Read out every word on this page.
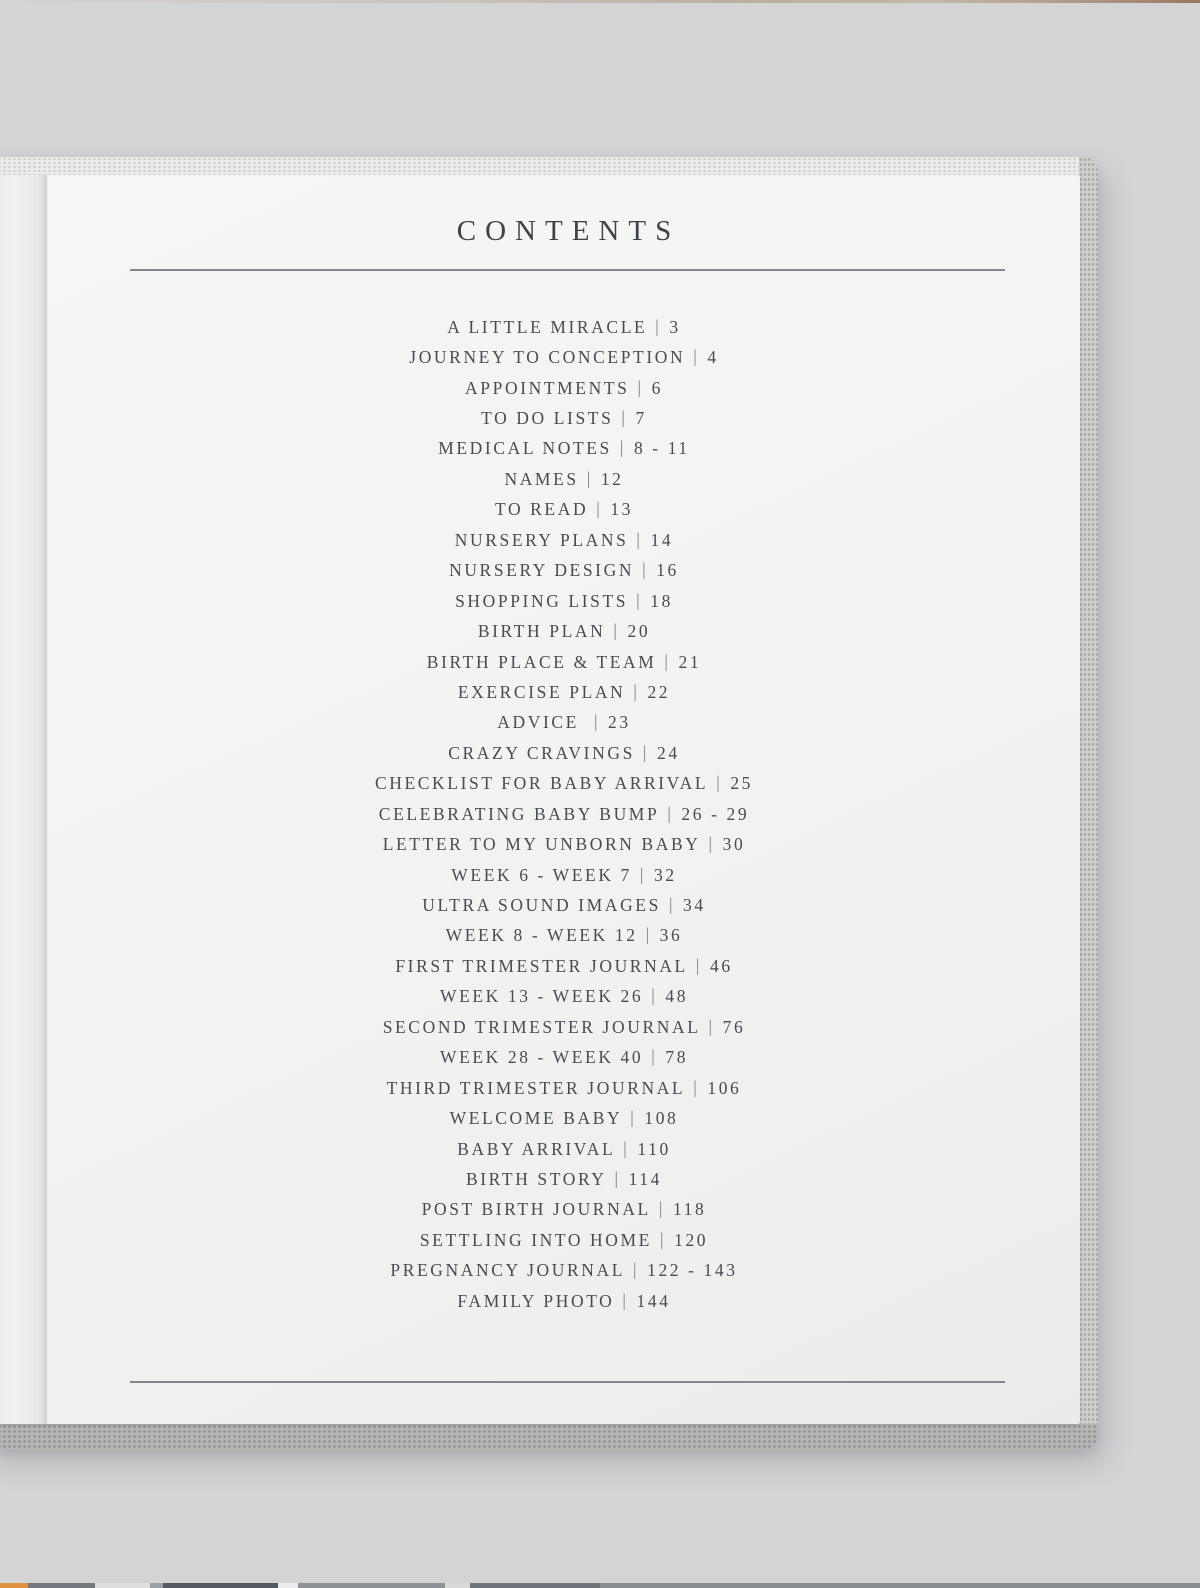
CONTENTS
A LITTLE MIRACLE | 3
JOURNEY TO CONCEPTION | 4
APPOINTMENTS | 6
TO DO LISTS | 7
MEDICAL NOTES | 8 - 11
NAMES | 12
TO READ | 13
NURSERY PLANS | 14
NURSERY DESIGN | 16
SHOPPING LISTS | 18
BIRTH PLAN | 20
BIRTH PLACE & TEAM | 21
EXERCISE PLAN | 22
ADVICE | 23
CRAZY CRAVINGS | 24
CHECKLIST FOR BABY ARRIVAL | 25
CELEBRATING BABY BUMP | 26 - 29
LETTER TO MY UNBORN BABY | 30
WEEK 6 - WEEK 7 | 32
ULTRA SOUND IMAGES | 34
WEEK 8 - WEEK 12 | 36
FIRST TRIMESTER JOURNAL | 46
WEEK 13 - WEEK 26 | 48
SECOND TRIMESTER JOURNAL | 76
WEEK 28 - WEEK 40 | 78
THIRD TRIMESTER JOURNAL | 106
WELCOME BABY | 108
BABY ARRIVAL | 110
BIRTH STORY | 114
POST BIRTH JOURNAL | 118
SETTLING INTO HOME | 120
PREGNANCY JOURNAL | 122 - 143
FAMILY PHOTO | 144
